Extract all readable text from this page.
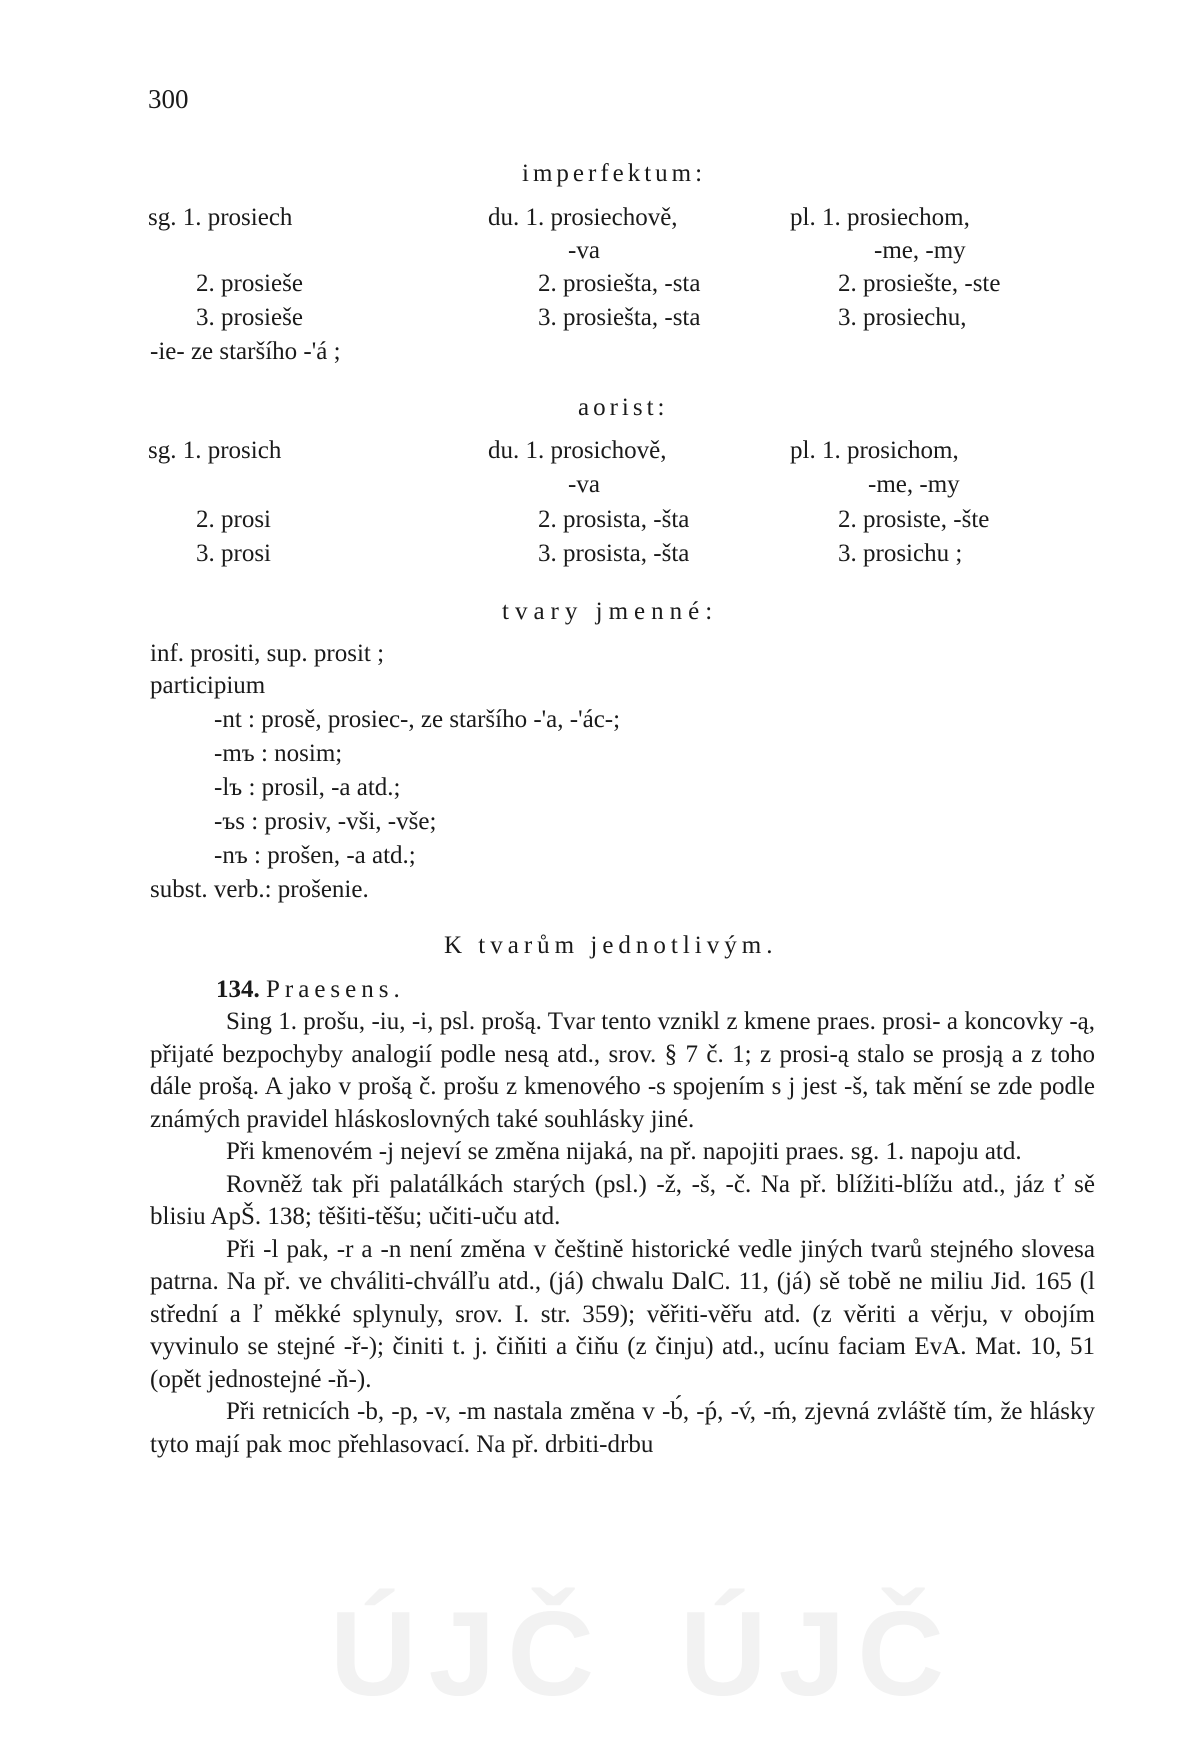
300
imperfektum:
sg. 1. prosiech
2. prosieše
3. prosieše
-ie- ze staršího -'á ;
du. 1. prosiechově,
-va
2. prosiešta, -sta
3. prosiešta, -sta
pl. 1. prosiechom,
-me, -my
2. prosiešte, -ste
3. prosiechu,
aorist:
sg. 1. prosich
2. prosi
3. prosi
du. 1. prosichově,
-va
2. prosista, -šta
3. prosista, -šta
pl. 1. prosichom,
-me, -my
2. prosiste, -šte
3. prosichu ;
tvary jmenné:
inf. prositi, sup. prosit ;
participium
-nt : prosě, prosiec-, ze staršího -'a, -'ác-;
-mъ : nosim;
-lъ : prosil, -a atd.;
-ъs : prosiv, -vši, -vše;
-nъ : prošen, -a atd.;
subst. verb.: prošenie.
K tvarům jednotlivým.
134. Praesens.

Sing 1. prošu, -iu, -i, psl. prošą. Tvar tento vznikl z kmene praes. prosi- a koncovky -ą, přijaté bezpochyby analogií podle nesą atd., srov. § 7 č. 1; z prosi-ą stalo se prosją a z toho dále prošą. A jako v prošą č. prošu z kmenového -s spojením s j jest -š, tak mění se zde podle známých pravidel hláskoslovných také souhlásky jiné.

Při kmenovém -j nejeví se změna nijaká, na př. napojiti praes. sg. 1. napoju atd.

Rovněž tak při palatálkách starých (psl.) -ž, -š, -č. Na př. blížiti-blížu atd., jáz ť sě blisiu ApŠ. 138; těšiti-těšu; učiti-uču atd.

Při -l pak, -r a -n není změna v češtině historické vedle jiných tvarů stejného slovesa patrna. Na př. ve chváliti-chválľu atd., (já) chwalu DalC. 11, (já) sě tobě ne miliu Jid. 165 (l střední a ľ měkké splynuly, srov. I. str. 359); věřiti-věřu atd. (z věriti a věrju, v obojím vyvinulo se stejné -ř-); činiti t. j. čiňiti a čiňu (z činju) atd., ucínu faciam EvA. Mat. 10, 51 (opět jednostejné -ň-).

Při retnicích -b, -p, -v, -m nastala změna v -b́, -ṕ, -v́, -ḿ, zjevná zvláště tím, že hlásky tyto mají pak moc přehlasovací. Na př. drbiti-drbu

ÚJČ ÚJČ
